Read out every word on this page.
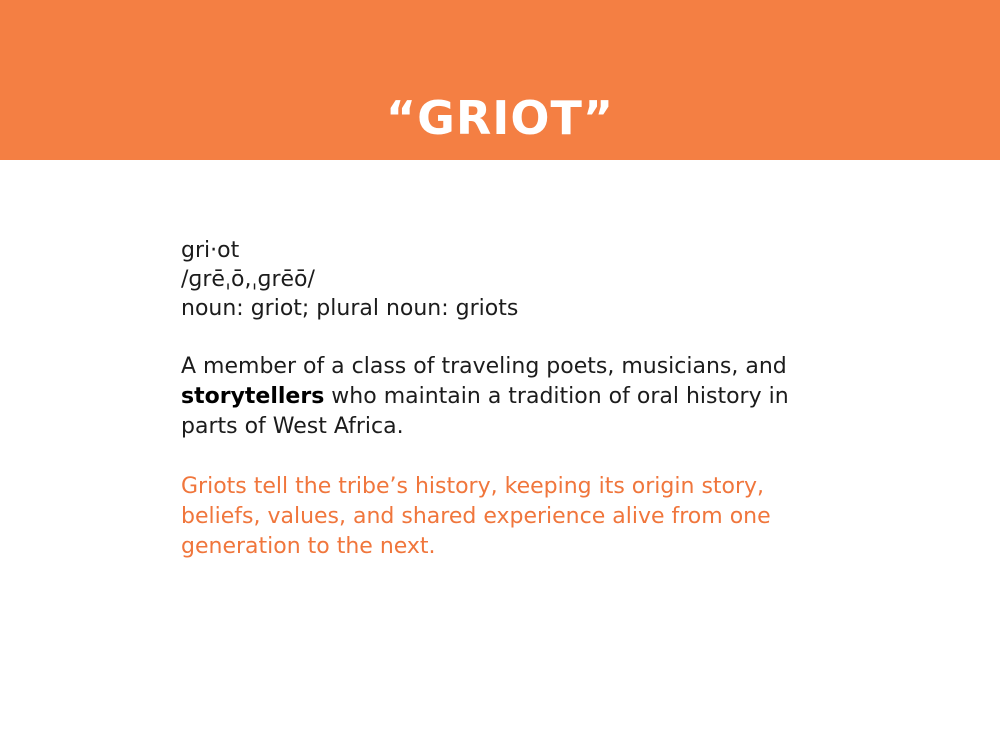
“GRIOT”
gri·ot
/ɡrēˌō,ˌɡrēō/
noun: griot; plural noun: griots
A member of a class of traveling poets, musicians, and
storytellers who maintain a tradition of oral history in
parts of West Africa.
Griots tell the tribe’s history, keeping its origin story,
beliefs, values, and shared experience alive from one
generation to the next.
